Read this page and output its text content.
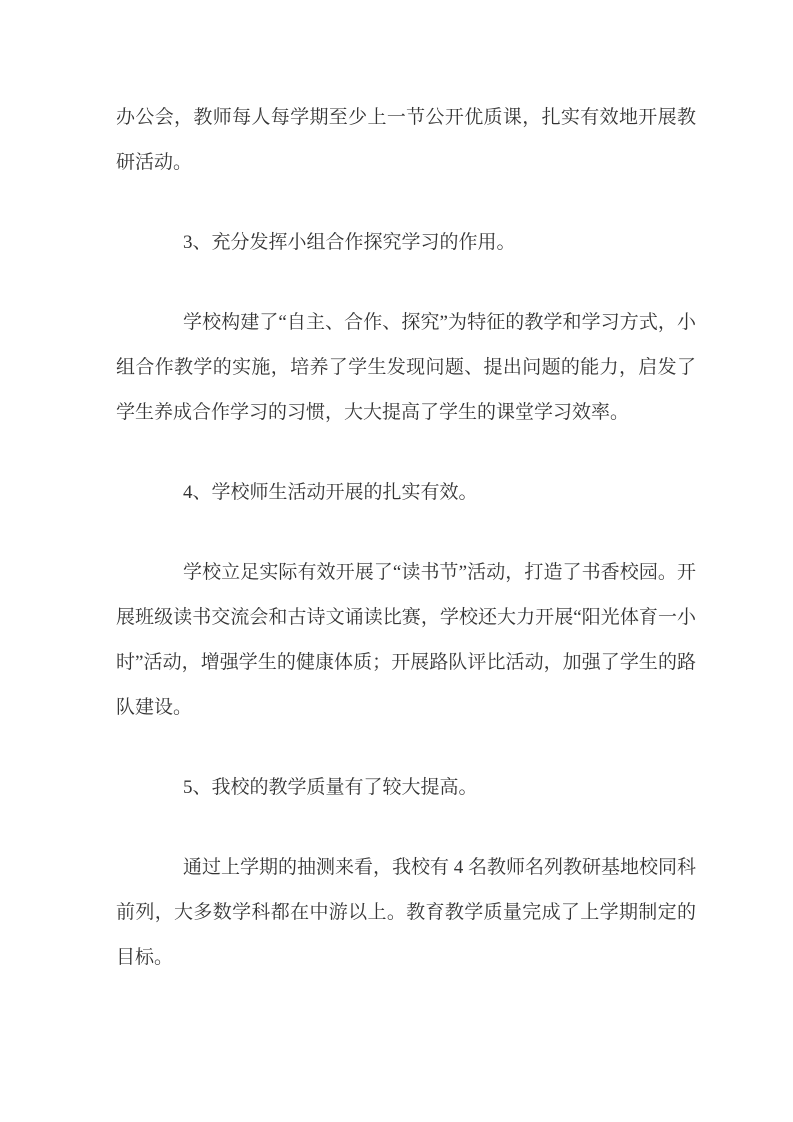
办公会，教师每人每学期至少上一节公开优质课，扎实有效地开展教研活动。

3、充分发挥小组合作探究学习的作用。

学校构建了“自主、合作、探究”为特征的教学和学习方式，小组合作教学的实施，培养了学生发现问题、提出问题的能力，启发了学生养成合作学习的习惯，大大提高了学生的课堂学习效率。

4、学校师生活动开展的扎实有效。

学校立足实际有效开展了“读书节”活动，打造了书香校园。开展班级读书交流会和古诗文诵读比赛，学校还大力开展“阳光体育一小时”活动，增强学生的健康体质；开展路队评比活动，加强了学生的路队建设。

5、我校的教学质量有了较大提高。

通过上学期的抽测来看，我校有 4 名教师名列教研基地校同科前列，大多数学科都在中游以上。教育教学质量完成了上学期制定的目标。
